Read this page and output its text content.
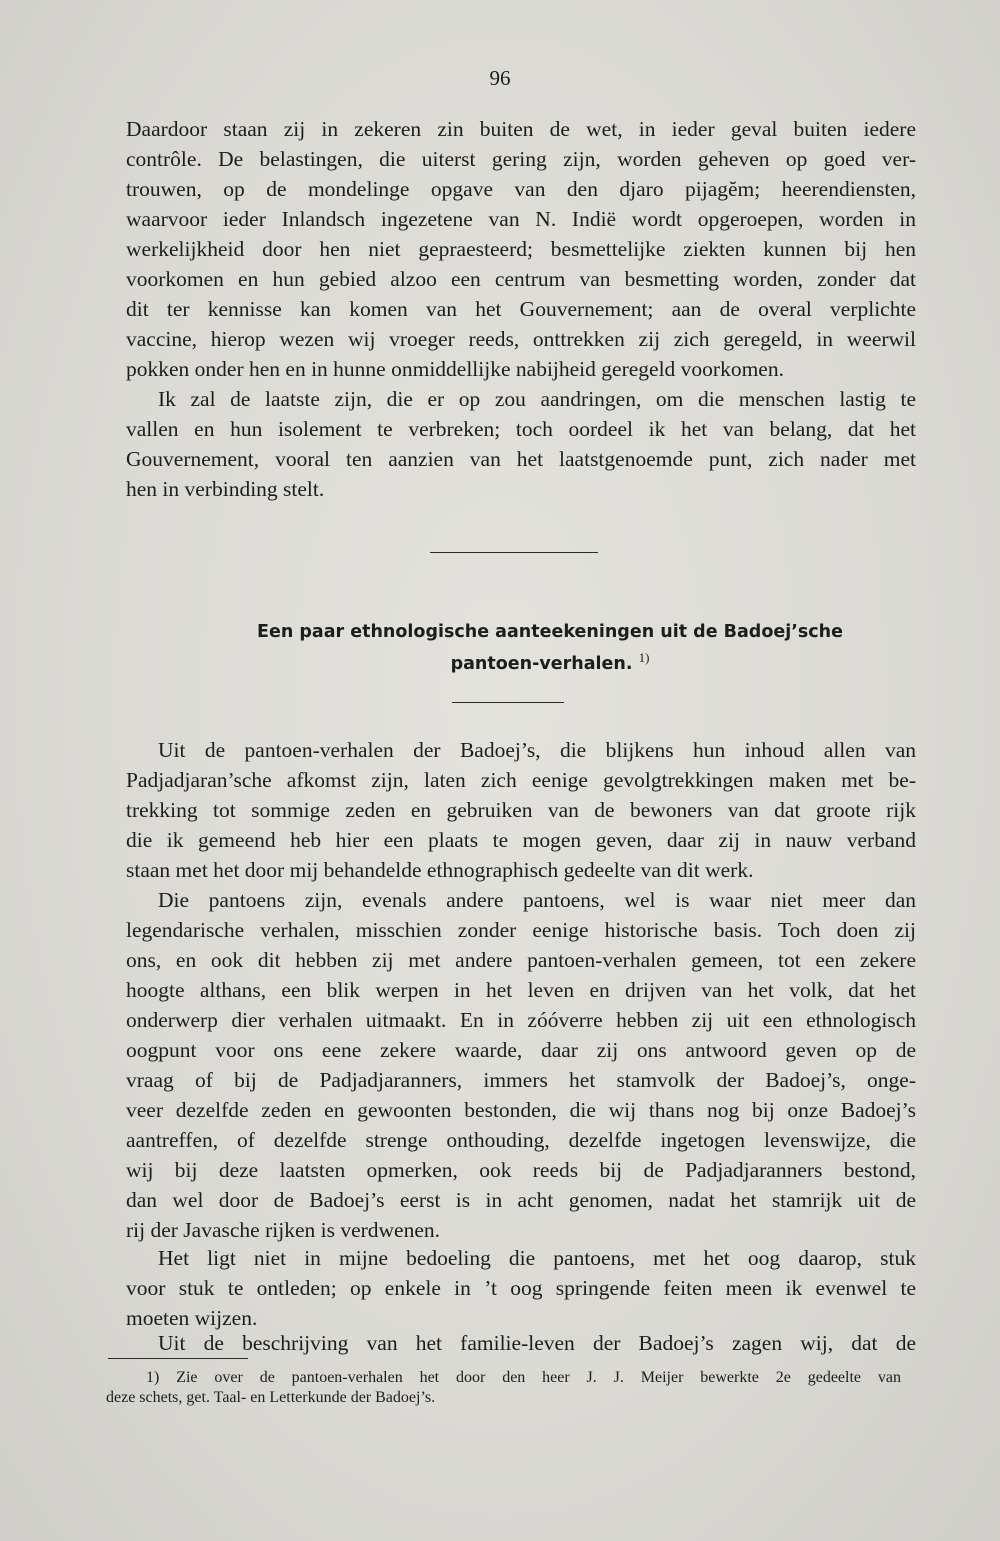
96
Daardoor staan zij in zekeren zin buiten de wet, in ieder geval buiten iedere
contrôle. De belastingen, die uiterst gering zijn, worden geheven op goed ver-
trouwen, op de mondelinge opgave van den djaro pijagĕm; heerendiensten,
waarvoor ieder Inlandsch ingezetene van N. Indië wordt opgeroepen, worden in
werkelijkheid door hen niet gepraesteerd; besmettelijke ziekten kunnen bij hen
voorkomen en hun gebied alzoo een centrum van besmetting worden, zonder dat
dit ter kennisse kan komen van het Gouvernement; aan de overal verplichte
vaccine, hierop wezen wij vroeger reeds, onttrekken zij zich geregeld, in weerwil
pokken onder hen en in hunne onmiddellijke nabijheid geregeld voorkomen.
Ik zal de laatste zijn, die er op zou aandringen, om die menschen lastig te
vallen en hun isolement te verbreken; toch oordeel ik het van belang, dat het
Gouvernement, vooral ten aanzien van het laatstgenoemde punt, zich nader met
hen in verbinding stelt.
Een paar ethnologische aanteekeningen uit de Badoej’sche
pantoen-verhalen. $^{1)}$
Uit de pantoen-verhalen der Badoej’s, die blijkens hun inhoud allen van
Padjadjaran’sche afkomst zijn, laten zich eenige gevolgtrekkingen maken met be-
trekking tot sommige zeden en gebruiken van de bewoners van dat groote rijk
die ik gemeend heb hier een plaats te mogen geven, daar zij in nauw verband
staan met het door mij behandelde ethnographisch gedeelte van dit werk.
Die pantoens zijn, evenals andere pantoens, wel is waar niet meer dan
legendarische verhalen, misschien zonder eenige historische basis. Toch doen zij
ons, en ook dit hebben zij met andere pantoen-verhalen gemeen, tot een zekere
hoogte althans, een blik werpen in het leven en drijven van het volk, dat het
onderwerp dier verhalen uitmaakt. En in zóóverre hebben zij uit een ethnologisch
oogpunt voor ons eene zekere waarde, daar zij ons antwoord geven op de
vraag of bij de Padjadjaranners, immers het stamvolk der Badoej’s, onge-
veer dezelfde zeden en gewoonten bestonden, die wij thans nog bij onze Badoej’s
aantreffen, of dezelfde strenge onthouding, dezelfde ingetogen levenswijze, die
wij bij deze laatsten opmerken, ook reeds bij de Padjadjaranners bestond,
dan wel door de Badoej’s eerst is in acht genomen, nadat het stamrijk uit de
rij der Javasche rijken is verdwenen.
Het ligt niet in mijne bedoeling die pantoens, met het oog daarop, stuk
voor stuk te ontleden; op enkele in ’t oog springende feiten meen ik evenwel te
moeten wijzen.
Uit de beschrijving van het familie-leven der Badoej’s zagen wij, dat de
1) Zie over de pantoen-verhalen het door den heer J. J. Meijer bewerkte 2e gedeelte van
deze schets, get. Taal- en Letterkunde der Badoej’s.
